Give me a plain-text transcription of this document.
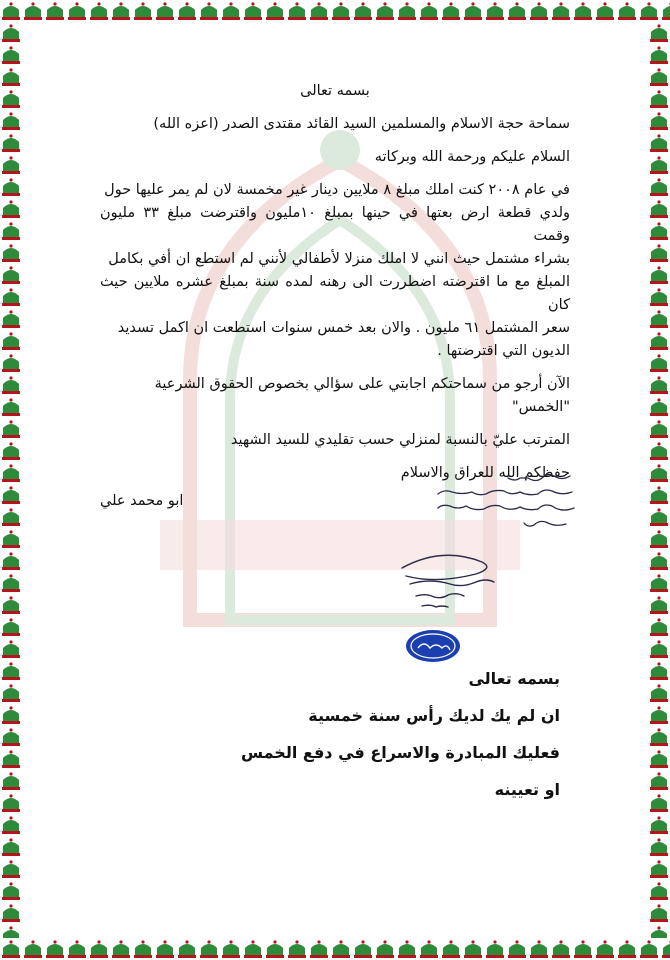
بسمه تعالى

سماحة حجة الاسلام والمسلمين السيد القائد مقتدى الصدر (اعزه الله)

السلام عليكم ورحمة الله وبركاته

في عام ٢٠٠٨ كنت املك مبلغ ٨ ملايين دينار غير مخمسة لان لم يمر عليها حول

ولدي قطعة ارض بعتها في حينها بمبلغ ١٠مليون واقترضت مبلغ ٣٣ مليون وقمت

بشراء مشتمل حيث انني لا املك منزلا لأطفالي لأنني لم استطع ان أفي بكامل

المبلغ مع ما اقترضته اضطررت الى رهنه لمده سنة بمبلغ عشره ملايين حيث كان

سعر المشتمل ٦١ مليون . والان بعد خمس سنوات استطعت ان اكمل تسديد

الديون التي اقترضتها .

الآن أرجو من سماحتكم اجابتي على سؤالي بخصوص الحقوق الشرعية "الخمس"

المترتب عليّ بالنسبة لمنزلي حسب تقليدي للسيد الشهيد

حفظكم الله للعراق والاسلام

ابو محمد علي

بسمه تعالى

ان لم يك لديك رأس سنة خمسية

فعليك المبادرة والاسراع في دفع الخمس

او تعيينه
